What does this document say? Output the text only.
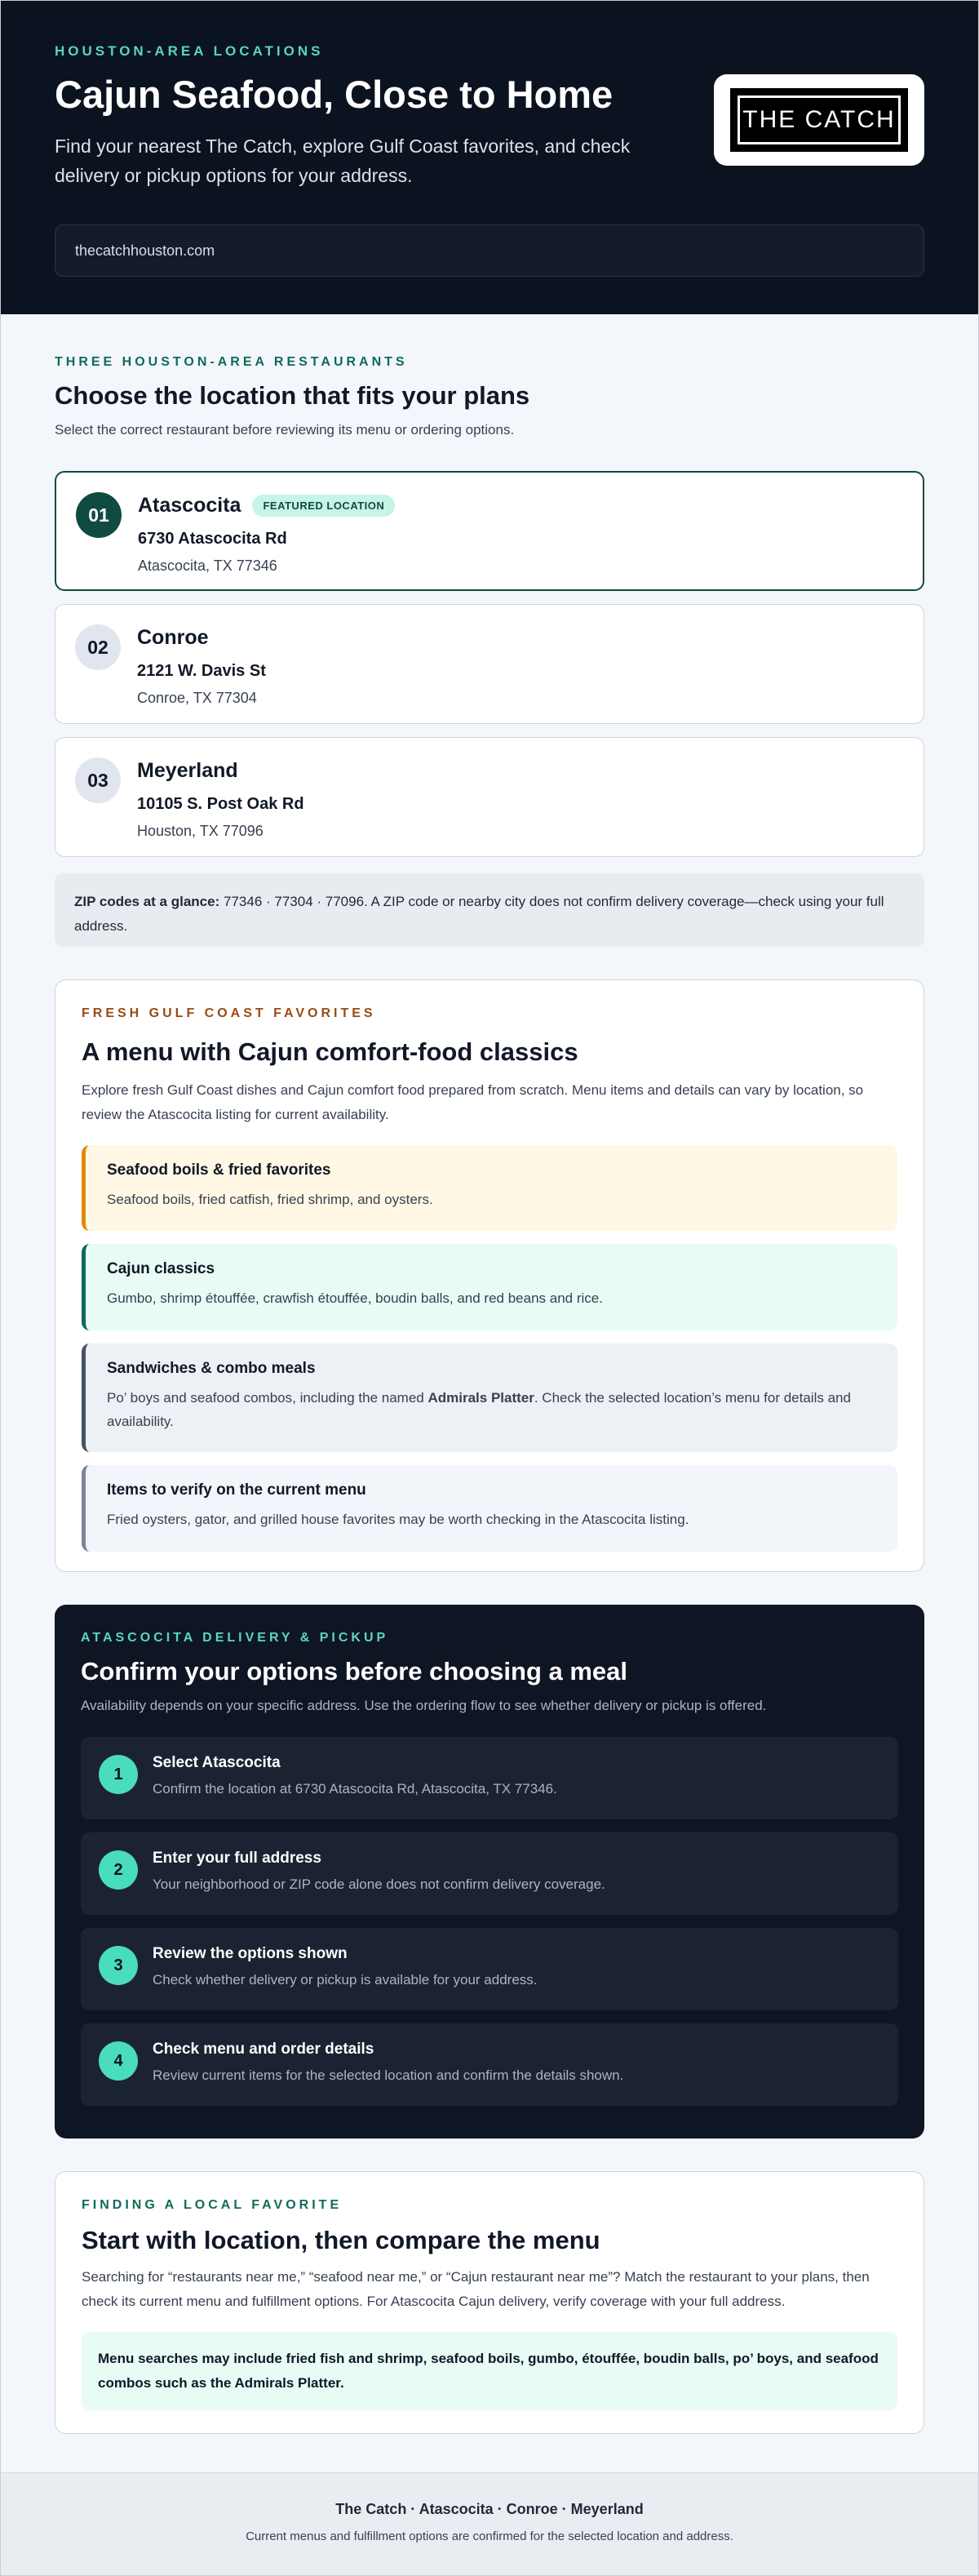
HOUSTON-AREA LOCATIONS
Cajun Seafood, Close to Home

Find your nearest The Catch, explore Gulf Coast favorites, and check delivery or pickup options for your address.

THE CATCH
thecatchhouston.com
THREE HOUSTON-AREA RESTAURANTS
Choose the location that fits your plans

Select the correct restaurant before reviewing its menu or ordering options.

01	Atascocita	FEATURED LOCATION
6730 Atascocita Rd
Atascocita, TX 77346
02	Conroe
2121 W. Davis St
Conroe, TX 77304
03	Meyerland
10105 S. Post Oak Rd
Houston, TX 77096
ZIP codes at a glance: 77346 · 77304 · 77096. A ZIP code or nearby city does not confirm delivery coverage—check using your full address.
FRESH GULF COAST FAVORITES
A menu with Cajun comfort-food classics

Explore fresh Gulf Coast dishes and Cajun comfort food prepared from scratch. Menu items and details can vary by location, so review the Atascocita listing for current availability.

Seafood boils & fried favorites
Seafood boils, fried catfish, fried shrimp, and oysters.
Cajun classics
Gumbo, shrimp étouffée, crawfish étouffée, boudin balls, and red beans and rice.
Sandwiches & combo meals
Po’ boys and seafood combos, including the named Admirals Platter. Check the selected location’s menu for details and availability.
Items to verify on the current menu
Fried oysters, gator, and grilled house favorites may be worth checking in the Atascocita listing.
ATASCOCITA DELIVERY & PICKUP
Confirm your options before choosing a meal

Availability depends on your specific address. Use the ordering flow to see whether delivery or pickup is offered.

1
Select Atascocita
Confirm the location at 6730 Atascocita Rd, Atascocita, TX 77346.
2
Enter your full address
Your neighborhood or ZIP code alone does not confirm delivery coverage.
3
Review the options shown
Check whether delivery or pickup is available for your address.
4
Check menu and order details
Review current items for the selected location and confirm the details shown.
FINDING A LOCAL FAVORITE
Start with location, then compare the menu

Searching for “restaurants near me,” “seafood near me,” or “Cajun restaurant near me”? Match the restaurant to your plans, then check its current menu and fulfillment options. For Atascocita Cajun delivery, verify coverage with your full address.

Menu searches may include fried fish and shrimp, seafood boils, gumbo, étouffée, boudin balls, po’ boys, and seafood combos such as the Admirals Platter.
The Catch · Atascocita · Conroe · Meyerland
Current menus and fulfillment options are confirmed for the selected location and address.
